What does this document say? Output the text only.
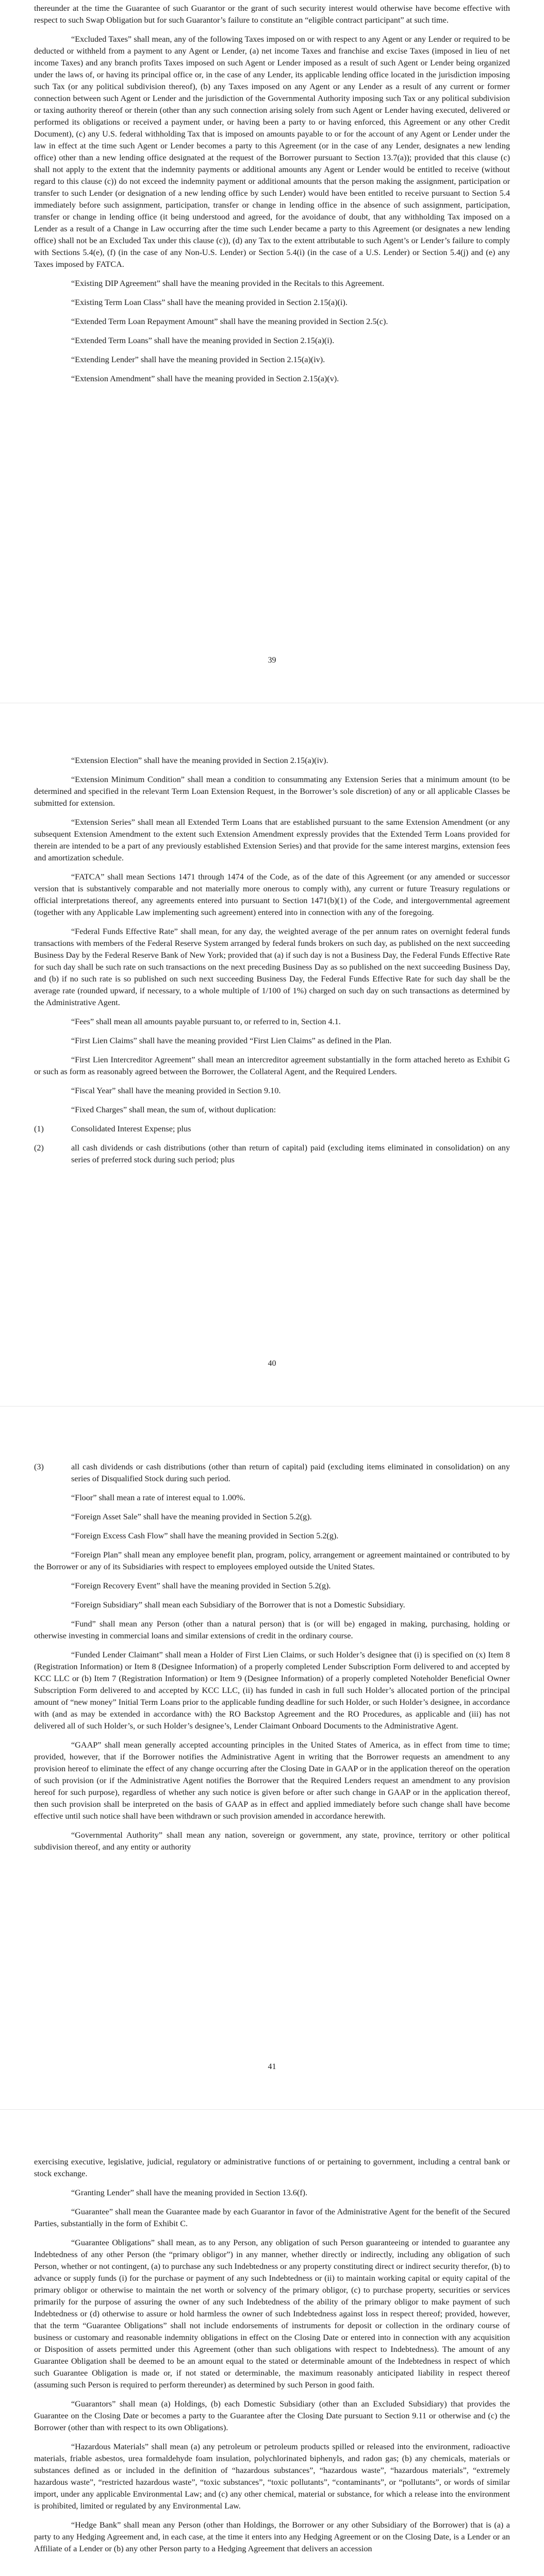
thereunder at the time the Guarantee of such Guarantor or the grant of such security interest would otherwise have become effective with respect to such Swap Obligation but for such Guarantor’s failure to constitute an “eligible contract participant” at such time.

“Excluded Taxes” shall mean, any of the following Taxes imposed on or with respect to any Agent or any Lender or required to be deducted or withheld from a payment to any Agent or Lender, (a) net income Taxes and franchise and excise Taxes (imposed in lieu of net income Taxes) and any branch profits Taxes imposed on such Agent or Lender imposed as a result of such Agent or Lender being organized under the laws of, or having its principal office or, in the case of any Lender, its applicable lending office located in the jurisdiction imposing such Tax (or any political subdivision thereof), (b) any Taxes imposed on any Agent or any Lender as a result of any current or former connection between such Agent or Lender and the jurisdiction of the Governmental Authority imposing such Tax or any political subdivision or taxing authority thereof or therein (other than any such connection arising solely from such Agent or Lender having executed, delivered or performed its obligations or received a payment under, or having been a party to or having enforced, this Agreement or any other Credit Document), (c) any U.S. federal withholding Tax that is imposed on amounts payable to or for the account of any Agent or Lender under the law in effect at the time such Agent or Lender becomes a party to this Agreement (or in the case of any Lender, designates a new lending office) other than a new lending office designated at the request of the Borrower pursuant to Section 13.7(a)); provided that this clause (c) shall not apply to the extent that the indemnity payments or additional amounts any Agent or Lender would be entitled to receive (without regard to this clause (c)) do not exceed the indemnity payment or additional amounts that the person making the assignment, participation or transfer to such Lender (or designation of a new lending office by such Lender) would have been entitled to receive pursuant to Section 5.4 immediately before such assignment, participation, transfer or change in lending office in the absence of such assignment, participation, transfer or change in lending office (it being understood and agreed, for the avoidance of doubt, that any withholding Tax imposed on a Lender as a result of a Change in Law occurring after the time such Lender became a party to this Agreement (or designates a new lending office) shall not be an Excluded Tax under this clause (c)), (d) any Tax to the extent attributable to such Agent’s or Lender’s failure to comply with Sections 5.4(e), (f) (in the case of any Non-U.S. Lender) or Section 5.4(i) (in the case of a U.S. Lender) or Section 5.4(j) and (e) any Taxes imposed by FATCA.

“Existing DIP Agreement” shall have the meaning provided in the Recitals to this Agreement.

“Existing Term Loan Class” shall have the meaning provided in Section 2.15(a)(i).

“Extended Term Loan Repayment Amount” shall have the meaning provided in Section 2.5(c).

“Extended Term Loans” shall have the meaning provided in Section 2.15(a)(i).

“Extending Lender” shall have the meaning provided in Section 2.15(a)(iv).

“Extension Amendment” shall have the meaning provided in Section 2.15(a)(v).

39

“Extension Election” shall have the meaning provided in Section 2.15(a)(iv).

“Extension Minimum Condition” shall mean a condition to consummating any Extension Series that a minimum amount (to be determined and specified in the relevant Term Loan Extension Request, in the Borrower’s sole discretion) of any or all applicable Classes be submitted for extension.

“Extension Series” shall mean all Extended Term Loans that are established pursuant to the same Extension Amendment (or any subsequent Extension Amendment to the extent such Extension Amendment expressly provides that the Extended Term Loans provided for therein are intended to be a part of any previously established Extension Series) and that provide for the same interest margins, extension fees and amortization schedule.

“FATCA” shall mean Sections 1471 through 1474 of the Code, as of the date of this Agreement (or any amended or successor version that is substantively comparable and not materially more onerous to comply with), any current or future Treasury regulations or official interpretations thereof, any agreements entered into pursuant to Section 1471(b)(1) of the Code, and intergovernmental agreement (together with any Applicable Law implementing such agreement) entered into in connection with any of the foregoing.

“Federal Funds Effective Rate” shall mean, for any day, the weighted average of the per annum rates on overnight federal funds transactions with members of the Federal Reserve System arranged by federal funds brokers on such day, as published on the next succeeding Business Day by the Federal Reserve Bank of New York; provided that (a) if such day is not a Business Day, the Federal Funds Effective Rate for such day shall be such rate on such transactions on the next preceding Business Day as so published on the next succeeding Business Day, and (b) if no such rate is so published on such next succeeding Business Day, the Federal Funds Effective Rate for such day shall be the average rate (rounded upward, if necessary, to a whole multiple of 1/100 of 1%) charged on such day on such transactions as determined by the Administrative Agent.

“Fees” shall mean all amounts payable pursuant to, or referred to in, Section 4.1.

“First Lien Claims” shall have the meaning provided “First Lien Claims” as defined in the Plan.

“First Lien Intercreditor Agreement” shall mean an intercreditor agreement substantially in the form attached hereto as Exhibit G or such as form as reasonably agreed between the Borrower, the Collateral Agent, and the Required Lenders.

“Fiscal Year” shall have the meaning provided in Section 9.10.

“Fixed Charges” shall mean, the sum of, without duplication:

(1)	Consolidated Interest Expense; plus
(2)	all cash dividends or cash distributions (other than return of capital) paid (excluding items eliminated in consolidation) on any series of preferred stock during such period; plus
40
(3)	all cash dividends or cash distributions (other than return of capital) paid (excluding items eliminated in consolidation) on any series of Disqualified Stock during such period.

“Floor” shall mean a rate of interest equal to 1.00%.

“Foreign Asset Sale” shall have the meaning provided in Section 5.2(g).

“Foreign Excess Cash Flow” shall have the meaning provided in Section 5.2(g).

“Foreign Plan” shall mean any employee benefit plan, program, policy, arrangement or agreement maintained or contributed to by the Borrower or any of its Subsidiaries with respect to employees employed outside the United States.

“Foreign Recovery Event” shall have the meaning provided in Section 5.2(g).

“Foreign Subsidiary” shall mean each Subsidiary of the Borrower that is not a Domestic Subsidiary.

“Fund” shall mean any Person (other than a natural person) that is (or will be) engaged in making, purchasing, holding or otherwise investing in commercial loans and similar extensions of credit in the ordinary course.

“Funded Lender Claimant” shall mean a Holder of First Lien Claims, or such Holder’s designee that (i) is specified on (x) Item 8 (Registration Information) or Item 8 (Designee Information) of a properly completed Lender Subscription Form delivered to and accepted by KCC LLC or (b) Item 7 (Registration Information) or Item 9 (Designee Information) of a properly completed Noteholder Beneficial Owner Subscription Form delivered to and accepted by KCC LLC, (ii) has funded in cash in full such Holder’s allocated portion of the principal amount of “new money” Initial Term Loans prior to the applicable funding deadline for such Holder, or such Holder’s designee, in accordance with (and as may be extended in accordance with) the RO Backstop Agreement and the RO Procedures, as applicable and (iii) has not delivered all of such Holder’s, or such Holder’s designee’s, Lender Claimant Onboard Documents to the Administrative Agent.

“GAAP” shall mean generally accepted accounting principles in the United States of America, as in effect from time to time; provided, however, that if the Borrower notifies the Administrative Agent in writing that the Borrower requests an amendment to any provision hereof to eliminate the effect of any change occurring after the Closing Date in GAAP or in the application thereof on the operation of such provision (or if the Administrative Agent notifies the Borrower that the Required Lenders request an amendment to any provision hereof for such purpose), regardless of whether any such notice is given before or after such change in GAAP or in the application thereof, then such provision shall be interpreted on the basis of GAAP as in effect and applied immediately before such change shall have become effective until such notice shall have been withdrawn or such provision amended in accordance herewith.

“Governmental Authority” shall mean any nation, sovereign or government, any state, province, territory or other political subdivision thereof, and any entity or authority

41

exercising executive, legislative, judicial, regulatory or administrative functions of or pertaining to government, including a central bank or stock exchange.

“Granting Lender” shall have the meaning provided in Section 13.6(f).

“Guarantee” shall mean the Guarantee made by each Guarantor in favor of the Administrative Agent for the benefit of the Secured Parties, substantially in the form of Exhibit C.

“Guarantee Obligations” shall mean, as to any Person, any obligation of such Person guaranteeing or intended to guarantee any Indebtedness of any other Person (the “primary obligor”) in any manner, whether directly or indirectly, including any obligation of such Person, whether or not contingent, (a) to purchase any such Indebtedness or any property constituting direct or indirect security therefor, (b) to advance or supply funds (i) for the purchase or payment of any such Indebtedness or (ii) to maintain working capital or equity capital of the primary obligor or otherwise to maintain the net worth or solvency of the primary obligor, (c) to purchase property, securities or services primarily for the purpose of assuring the owner of any such Indebtedness of the ability of the primary obligor to make payment of such Indebtedness or (d) otherwise to assure or hold harmless the owner of such Indebtedness against loss in respect thereof; provided, however, that the term “Guarantee Obligations” shall not include endorsements of instruments for deposit or collection in the ordinary course of business or customary and reasonable indemnity obligations in effect on the Closing Date or entered into in connection with any acquisition or Disposition of assets permitted under this Agreement (other than such obligations with respect to Indebtedness). The amount of any Guarantee Obligation shall be deemed to be an amount equal to the stated or determinable amount of the Indebtedness in respect of which such Guarantee Obligation is made or, if not stated or determinable, the maximum reasonably anticipated liability in respect thereof (assuming such Person is required to perform thereunder) as determined by such Person in good faith.

“Guarantors” shall mean (a) Holdings, (b) each Domestic Subsidiary (other than an Excluded Subsidiary) that provides the Guarantee on the Closing Date or becomes a party to the Guarantee after the Closing Date pursuant to Section 9.11 or otherwise and (c) the Borrower (other than with respect to its own Obligations).

“Hazardous Materials” shall mean (a) any petroleum or petroleum products spilled or released into the environment, radioactive materials, friable asbestos, urea formaldehyde foam insulation, polychlorinated biphenyls, and radon gas; (b) any chemicals, materials or substances defined as or included in the definition of “hazardous substances”, “hazardous waste”, “hazardous materials”, “extremely hazardous waste”, “restricted hazardous waste”, “toxic substances”, “toxic pollutants”, “contaminants”, or “pollutants”, or words of similar import, under any applicable Environmental Law; and (c) any other chemical, material or substance, for which a release into the environment is prohibited, limited or regulated by any Environmental Law.

“Hedge Bank” shall mean any Person (other than Holdings, the Borrower or any other Subsidiary of the Borrower) that is (a) a party to any Hedging Agreement and, in each case, at the time it enters into any Hedging Agreement or on the Closing Date, is a Lender or an Affiliate of a Lender or (b) any other Person party to a Hedging Agreement that delivers an accession
